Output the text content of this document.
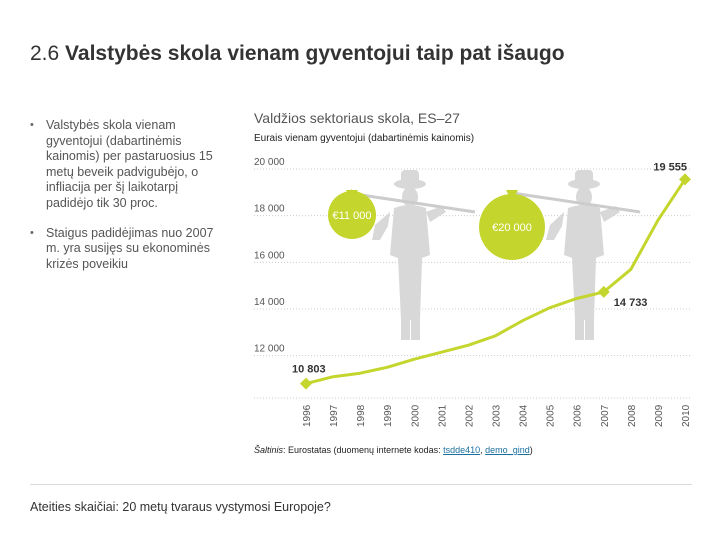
2.6 Valstybės skola vienam gyventojui taip pat išaugo
• Valstybės skola vienam gyventojui (dabartinėmis kainomis) per pastaruosius 15 metų beveik padvigubėjo, o infliacija per šį laikotarpį padidėjo tik 30 proc.
• Staigus padidėjimas nuo 2007 m. yra susijęs su ekonominės krizės poveikiu
Valdžios sektoriaus skola, ES–27
Eurais vienam gyventojui (dabartinėmis kainomis)
€11 000
€20 000
12 000
14 000
16 000
18 000
20 000
1996 1997 1998 1999 2000 2001 2002 2003 2004 2005 2006 2007 2008 2009 2010
10 803
14 733
19 555
Šaltinis: Eurostatas (duomenų internete kodas: tsdde410, demo_gind)
Ateities skaičiai: 20 metų tvaraus vystymosi Europoje?
